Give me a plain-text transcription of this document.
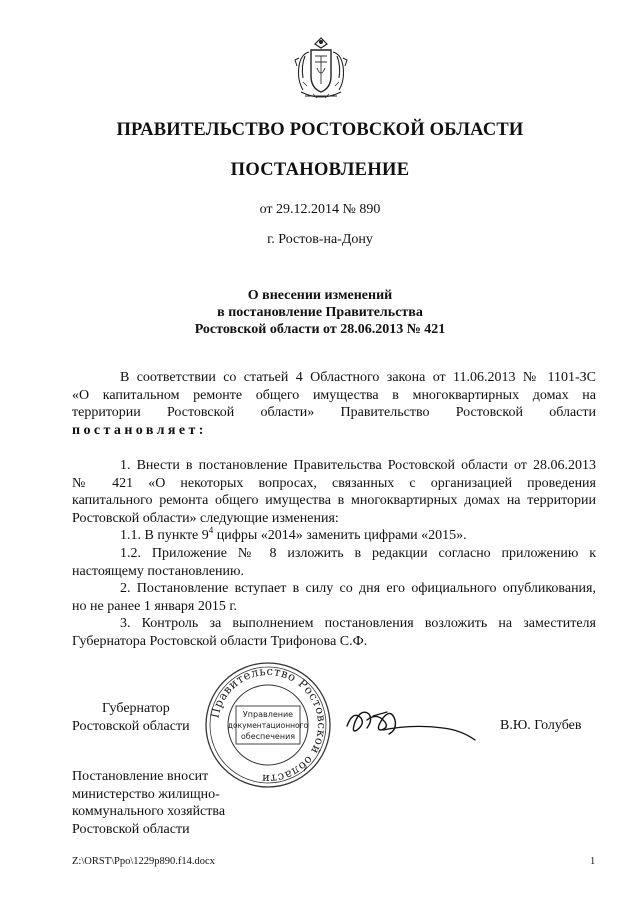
ПРАВИТЕЛЬСТВО РОСТОВСКОЙ ОБЛАСТИ
ПОСТАНОВЛЕНИЕ
от 29.12.2014 № 890
г. Ростов-на-Дону
О внесении изменений
в постановление Правительства
Ростовской области от 28.06.2013 № 421
В соответствии со статьей 4 Областного закона от 11.06.2013 № 1101-ЗС
«О капитальном ремонте общего имущества в многоквартирных домах на
территории Ростовской области» Правительство Ростовской области
постановляет:
1. Внести в постановление Правительства Ростовской области от 28.06.2013
№ 421 «О некоторых вопросах, связанных с организацией проведения
капитального ремонта общего имущества в многоквартирных домах на территории
Ростовской области» следующие изменения:
1.1. В пункте $9^4$ цифры «2014» заменить цифрами «2015».
1.2. Приложение № 8 изложить в редакции согласно приложению к
настоящему постановлению.
2. Постановление вступает в силу со дня его официального опубликования,
но не ранее 1 января 2015 г.
3. Контроль за выполнением постановления возложить на заместителя
Губернатора Ростовской области Трифонова С.Ф.
Губернатор
Ростовской области
Правительство Ростовской области
Управление
документационного
обеспечения
В.Ю. Голубев
Постановление вносит
министерство жилищно-
коммунального хозяйства
Ростовской области
Z:\ORST\Ppo\1229p890.f14.docx	1
